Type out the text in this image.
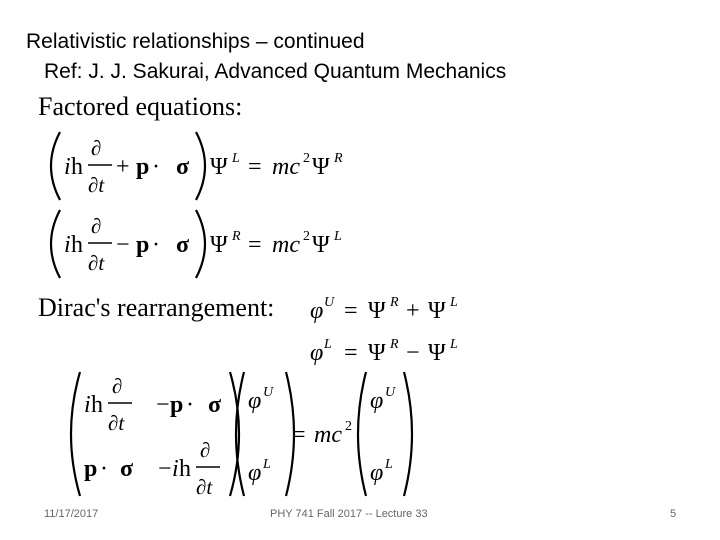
Relativistic relationships – continued
Ref: J. J. Sakurai, Advanced Quantum Mechanics
Factored equations:
Dirac's rearrangement:
i h
∂
∂t
+ p · σ Ψ L = mc 2 Ψ R
i h
∂
∂t
− p · σ Ψ R = mc 2 Ψ L
φ U = Ψ R + Ψ L
φ L = Ψ R − Ψ L
i h
∂
∂t
− p · σ
p · σ − i h
∂
∂t
φ U
φ L
= mc 2
φ U
φ L
11/17/2017	PHY 741 Fall 2017 -- Lecture 33	5
